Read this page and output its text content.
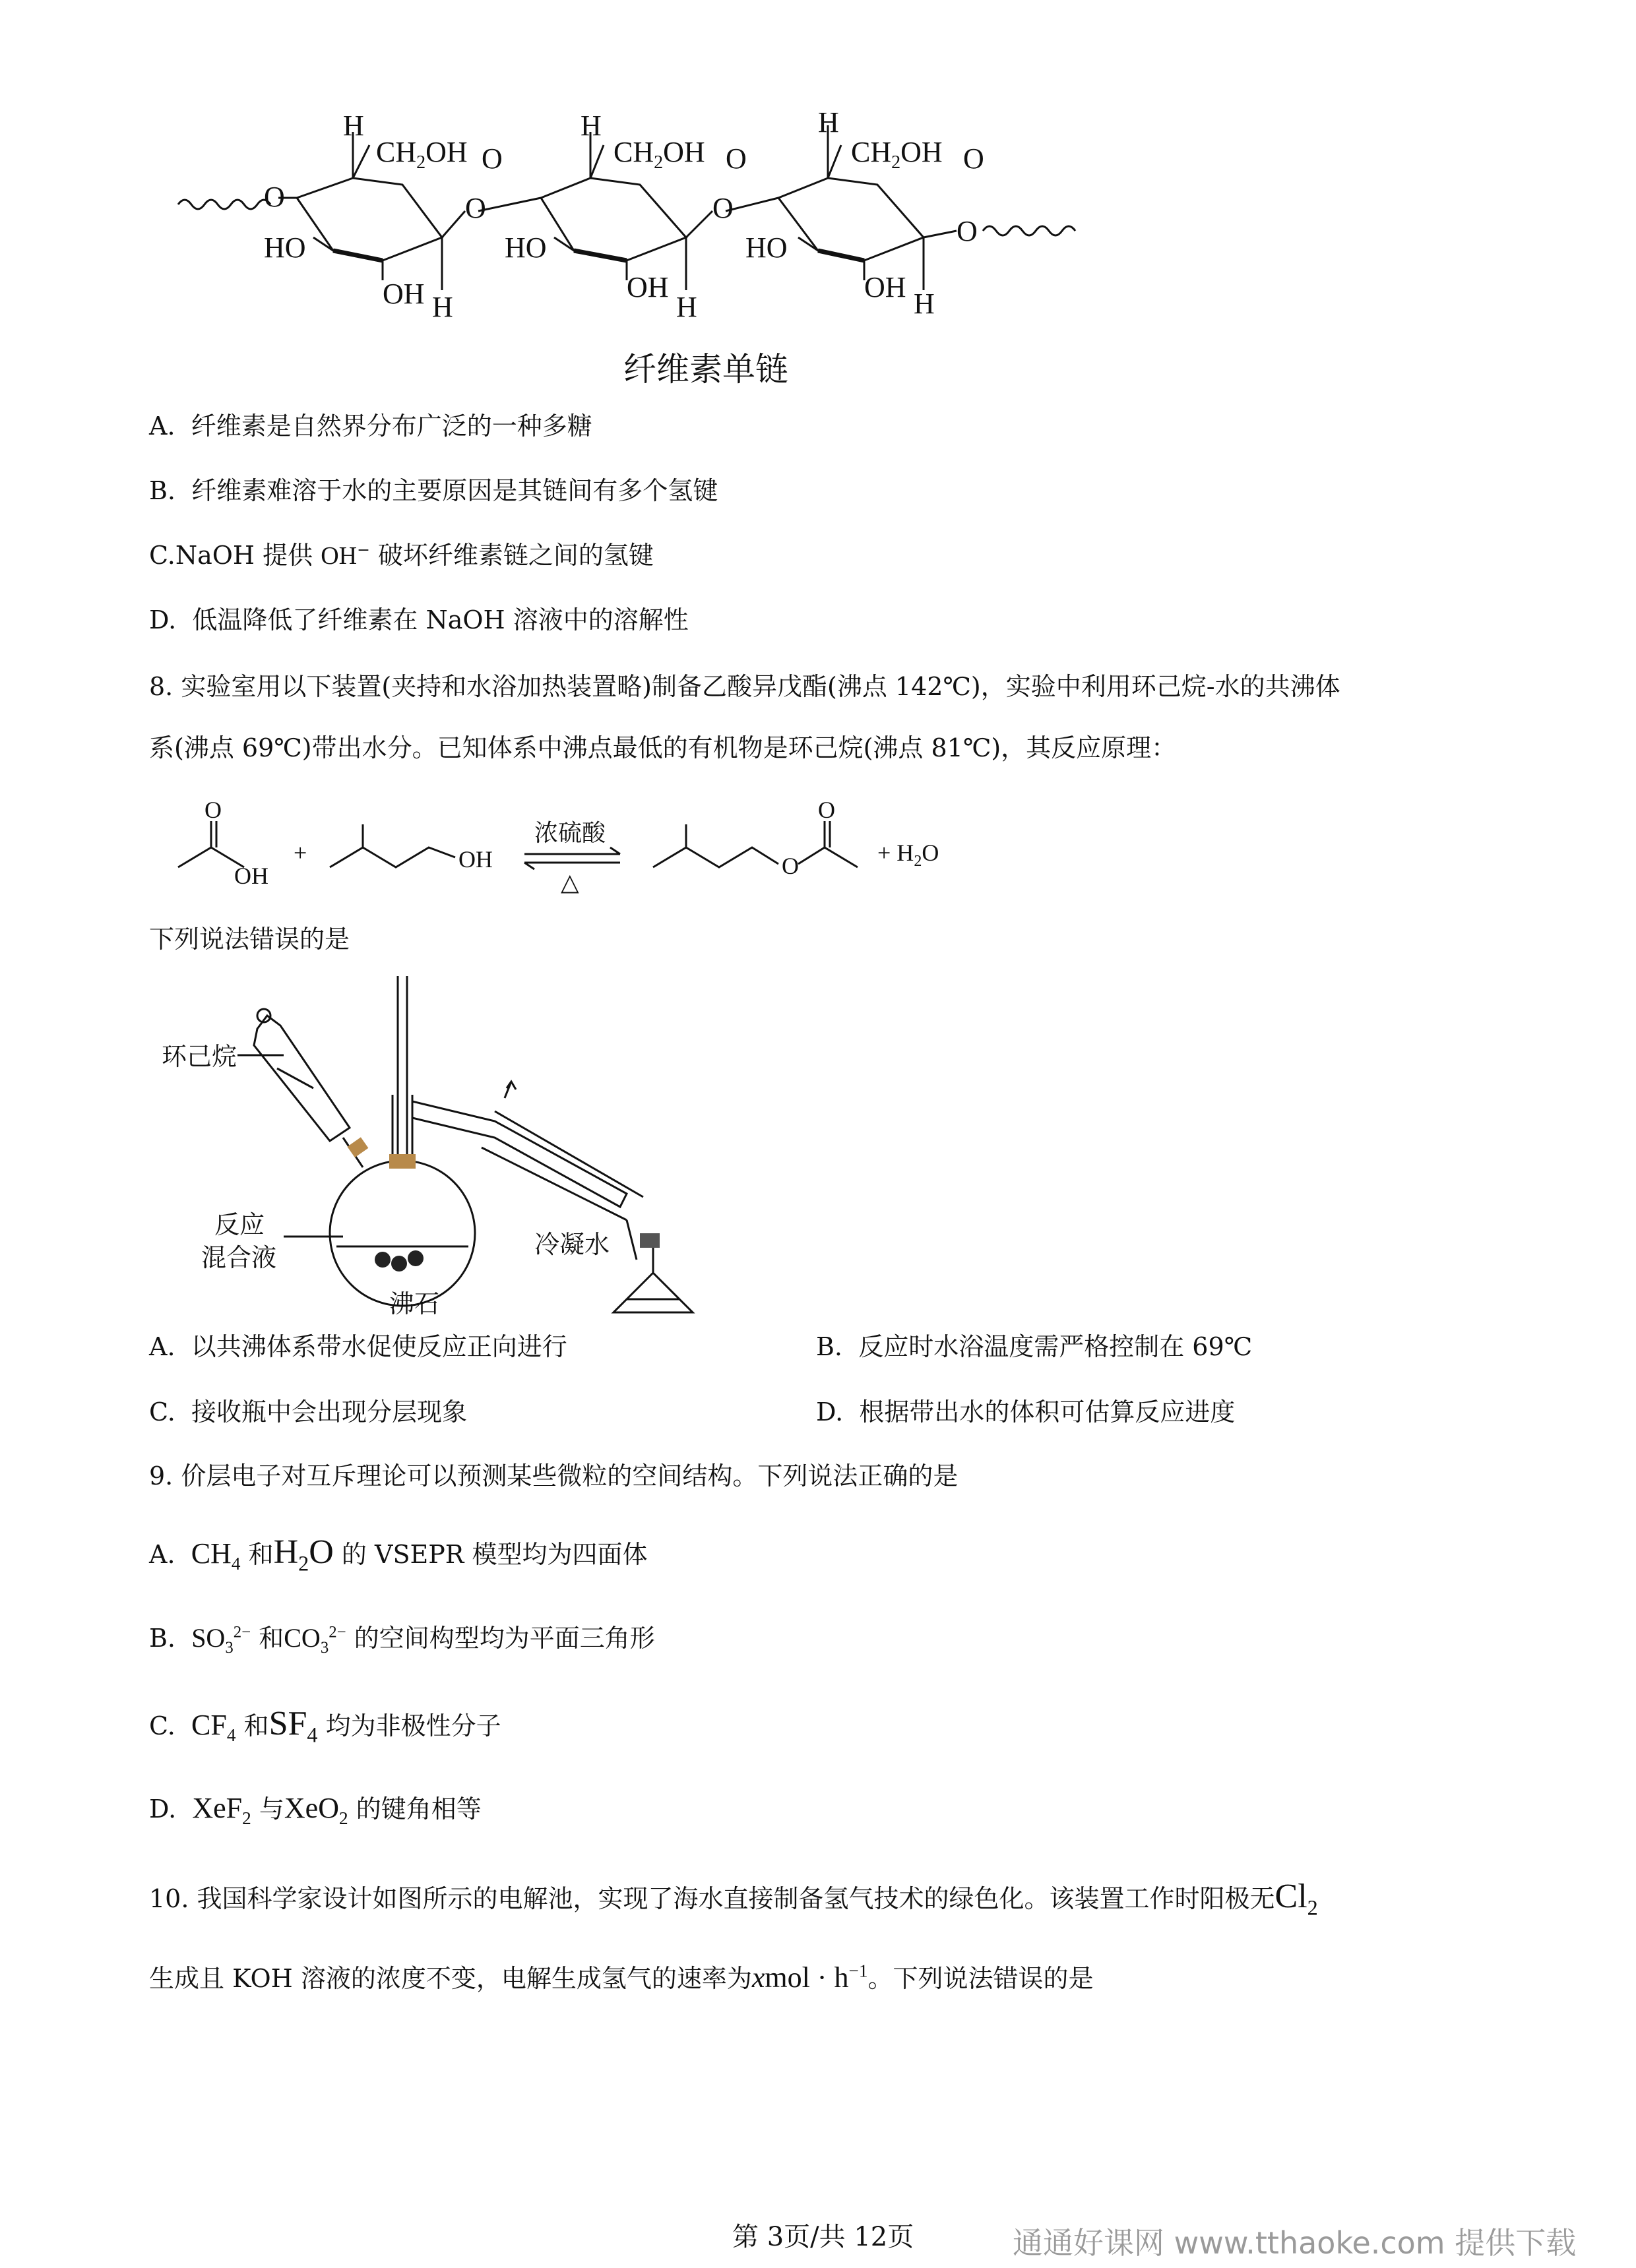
O
H
$CH_2OH$ O
HO
OH H
O
H
$CH_2OH$ O
HO
OH
H
O
H
$CH_2OH$ O
HO
OH
H
O
纤维素单链
A. 纤维素是自然界分布广泛的一种多糖
B. 纤维素难溶于水的主要原因是其链间有多个氢键
C.NaOH 提供 OH− 破坏纤维素链之间的氢键
D. 低温降低了纤维素在 NaOH 溶液中的溶解性
8. 实验室用以下装置(夹持和水浴加热装置略)制备乙酸异戊酯(沸点 142℃)，实验中利用环己烷-水的共沸体
系(沸点 69℃)带出水分。已知体系中沸点最低的有机物是环己烷(沸点 81℃)，其反应原理：
OH
O
+	OH
浓硫酸
△
O
O
+ $H_2O$
下列说法错误的是
环己烷
反应
混合液
沸石
冷凝水
A. 以共沸体系带水促使反应正向进行	B. 反应时水浴温度需严格控制在 69℃
C. 接收瓶中会出现分层现象	D. 根据带出水的体积可估算反应进度
9. 价层电子对互斥理论可以预测某些微粒的空间结构。下列说法正确的是
A. $CH_4$ 和$H_2O$ 的 VSEPR 模型均为四面体
B. $SO_3^{2-}$ 和$CO_3^{2-}$ 的空间构型均为平面三角形
C. $CF_4$ 和$SF_4$ 均为非极性分子
D. XeF$_2$ 与XeO$_2$ 的键角相等
10. 我国科学家设计如图所示的电解池，实现了海水直接制备氢气技术的绿色化。该装置工作时阳极无$Cl_2$
生成且 KOH 溶液的浓度不变，电解生成氢气的速率为xmol · $h^{-1}$。下列说法错误的是
第 3页/共 12页	通通好课网 www.tthaoke.com 提供下载
